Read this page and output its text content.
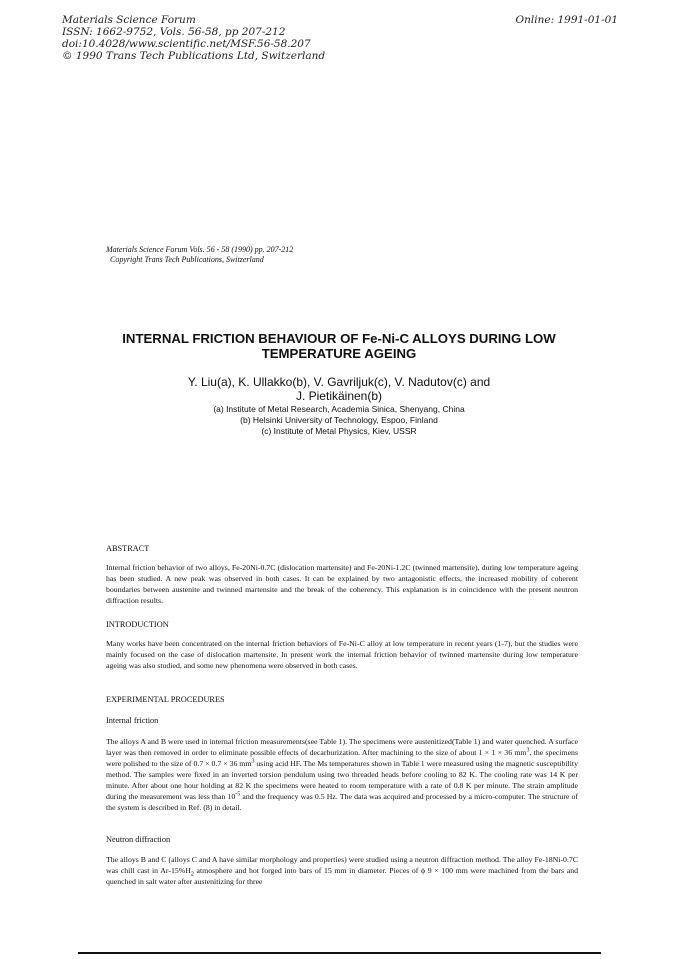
Materials Science Forum
ISSN: 1662-9752, Vols. 56-58, pp 207-212
doi:10.4028/www.scientific.net/MSF.56-58.207
© 1990 Trans Tech Publications Ltd, Switzerland
Online: 1991-01-01
Materials Science Forum Vols. 56 - 58 (1990) pp. 207-212
Copyright Trans Tech Publications, Switzerland
INTERNAL FRICTION BEHAVIOUR OF Fe-Ni-C ALLOYS DURING LOW
TEMPERATURE AGEING
Y. Liu(a), K. Ullakko(b), V. Gavriljuk(c), V. Nadutov(c) and
J. Pietikäinen(b)
(a) Institute of Metal Research, Academia Sinica, Shenyang, China
(b) Helsinki University of Technology, Espoo, Finland
(c) Institute of Metal Physics, Kiev, USSR
ABSTRACT
Internal friction behavior of two alloys, Fe-20Ni-0.7C (dislocation martensite) and Fe-20Ni-1.2C (twinned martensite), during low temperature ageing has been studied. A new peak was observed in both cases. It can be explained by two antagonistic effects, the increased mobility of coherent boundaries between austenite and twinned martensite and the break of the coherency. This explanation is in coincidence with the present neutron diffraction results.
INTRODUCTION
Many works have been concentrated on the internal friction behaviors of Fe-Ni-C alloy at low temperature in recent years (1-7), but the studies were mainly focused on the case of dislocation martensite. In present work the internal friction behavior of twinned martensite during low temperature ageing was also studied, and some new phenomena were observed in both cases.
EXPERIMENTAL PROCEDURES
Internal friction
The alloys A and B were used in internal friction measurements(see Table 1). The specimens were austenitized(Table 1) and water quenched. A surface layer was then removed in order to eliminate possible effects of decarburization. After machining to the size of about 1 × 1 × 36 $mm^3$, the specimens were polished to the size of 0.7 × 0.7 × 36 $mm^3$ using acid HF. The Ms temperatures shown in Table 1 were measured using the magnetic susceptibility method. The samples were fixed in an inverted torsion pendulum using two threaded heads before cooling to 82 K. The cooling rate was 14 K per minute. After about one hour holding at 82 K the specimens were heated to room temperature with a rate of 0.8 K per minute. The strain amplitude during the measurement was less than $10^{-5}$ and the frequency was 0.5 Hz. The data was acquired and processed by a micro-computer. The structure of the system is described in Ref. (8) in detail.
Neutron diffraction
The alloys B and C (alloys C and A have similar morphology and properties) were studied using a neutron diffraction method. The alloy Fe-18Ni-0.7C was chill cast in $Ar-15\%H_2$ atmosphere and hot forged into bars of 15 mm in diameter. Pieces of ϕ 9 × 100 mm were machined from the bars and quenched in salt water after austenitizing for three
